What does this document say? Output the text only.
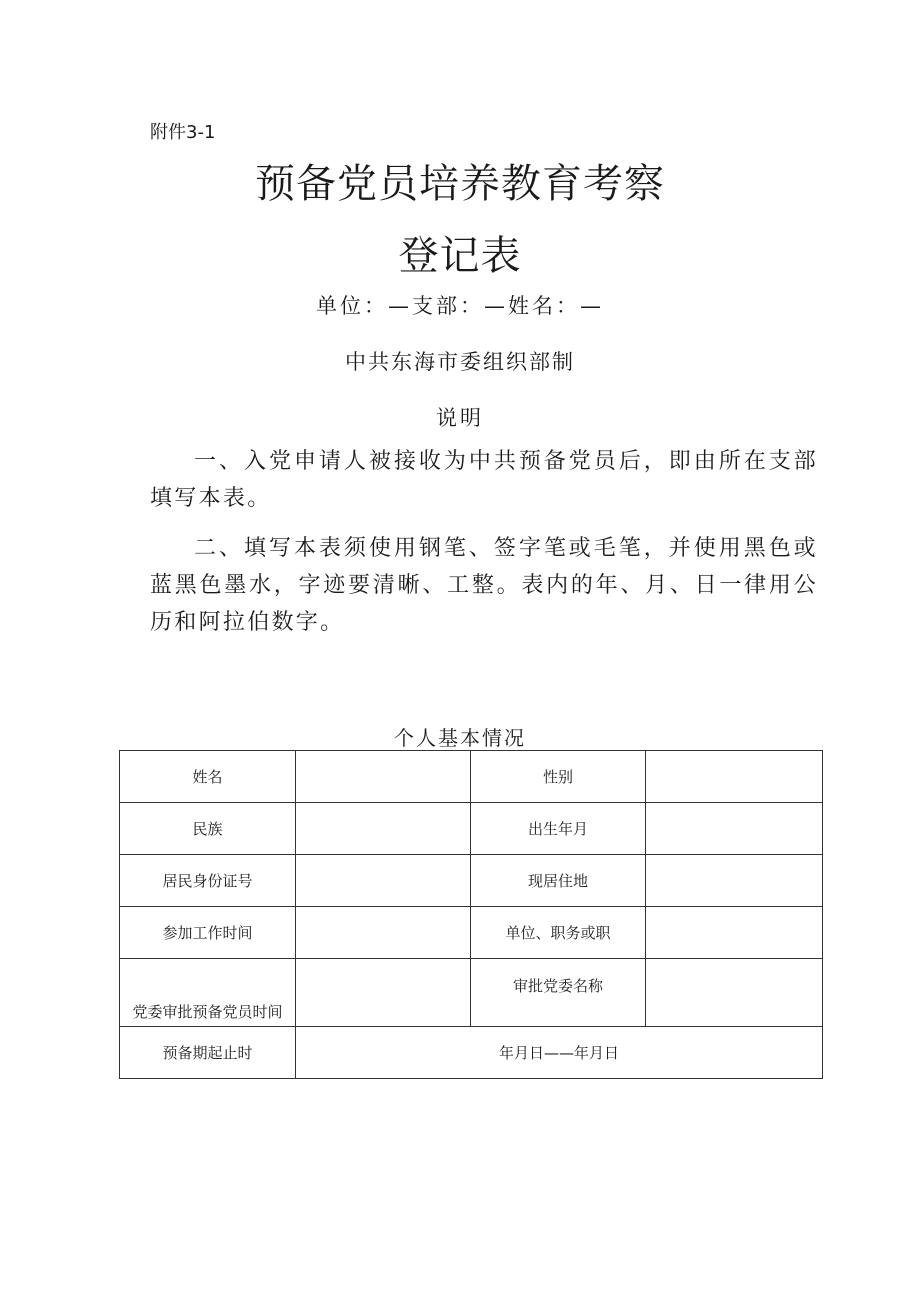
附件3-1
预备党员培养教育考察
登记表
单位：—支部：—姓名：—
中共东海市委组织部制
说明
一、入党申请人被接收为中共预备党员后，即由所在支部填写本表。
二、填写本表须使用钢笔、签字笔或毛笔，并使用黑色或蓝黑色墨水，字迹要清晰、工整。表内的年、月、日一律用公历和阿拉伯数字。
个人基本情况
姓名		性别	
民族		出生年月	
居民身份证号		现居住地	
参加工作时间		单位、职务或职	
党委审批预备党员时间		审批党委名称	
预备期起止时	年月日——年月日		
